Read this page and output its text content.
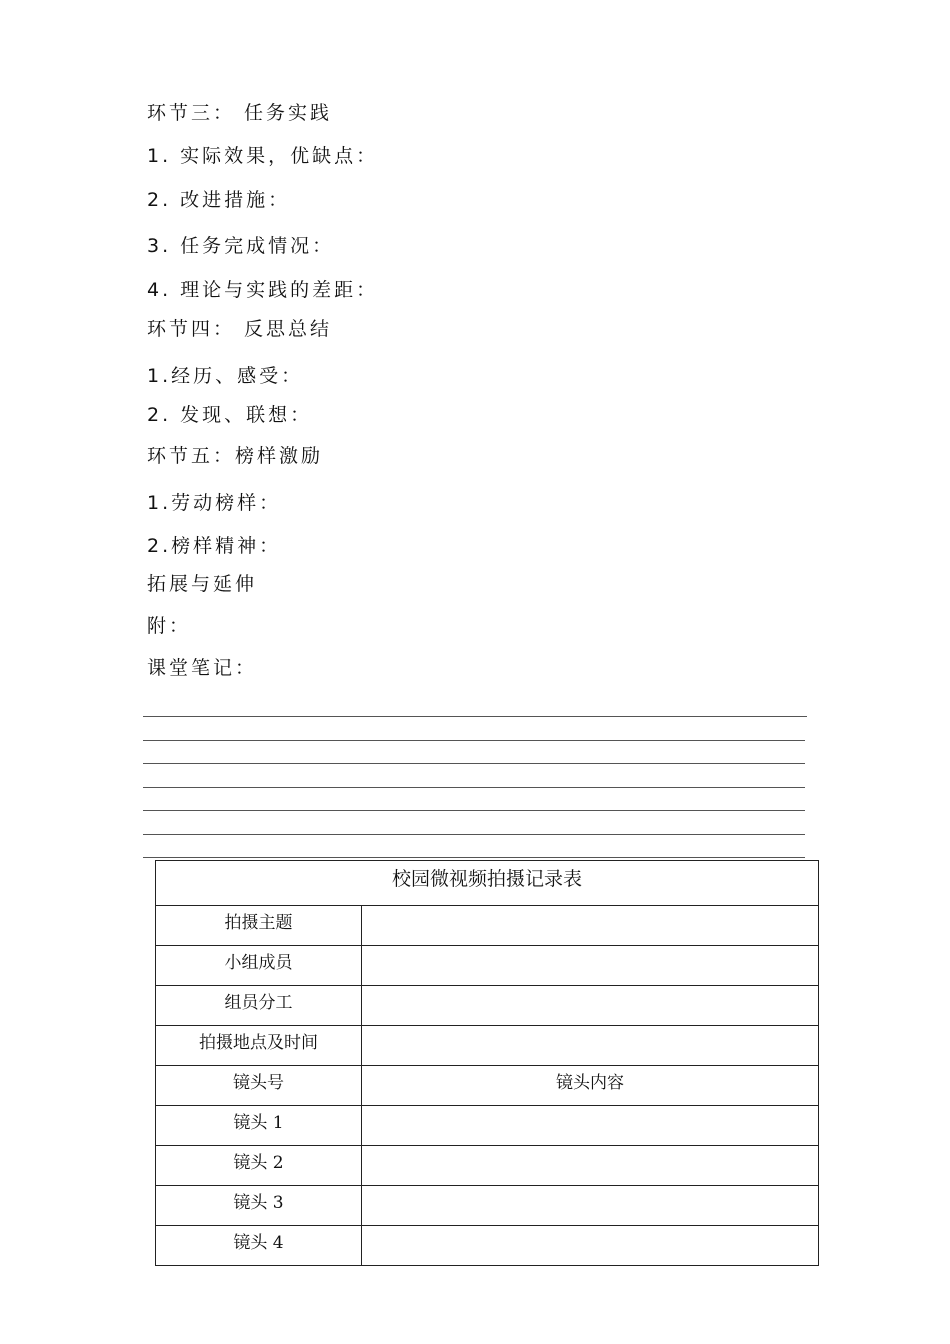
环节三： 任务实践
1. 实际效果，优缺点：
2. 改进措施：
3. 任务完成情况：
4. 理论与实践的差距：
环节四： 反思总结
1.经历、感受：
2. 发现、联想：
环节五：榜样激励
1.劳动榜样：
2.榜样精神：
拓展与延伸
附：
课堂笔记：
校园微视频拍摄记录表	
拍摄主题	
小组成员	
组员分工	
拍摄地点及时间	
镜头号	镜头内容
镜头 1	
镜头 2	
镜头 3	
镜头 4	
